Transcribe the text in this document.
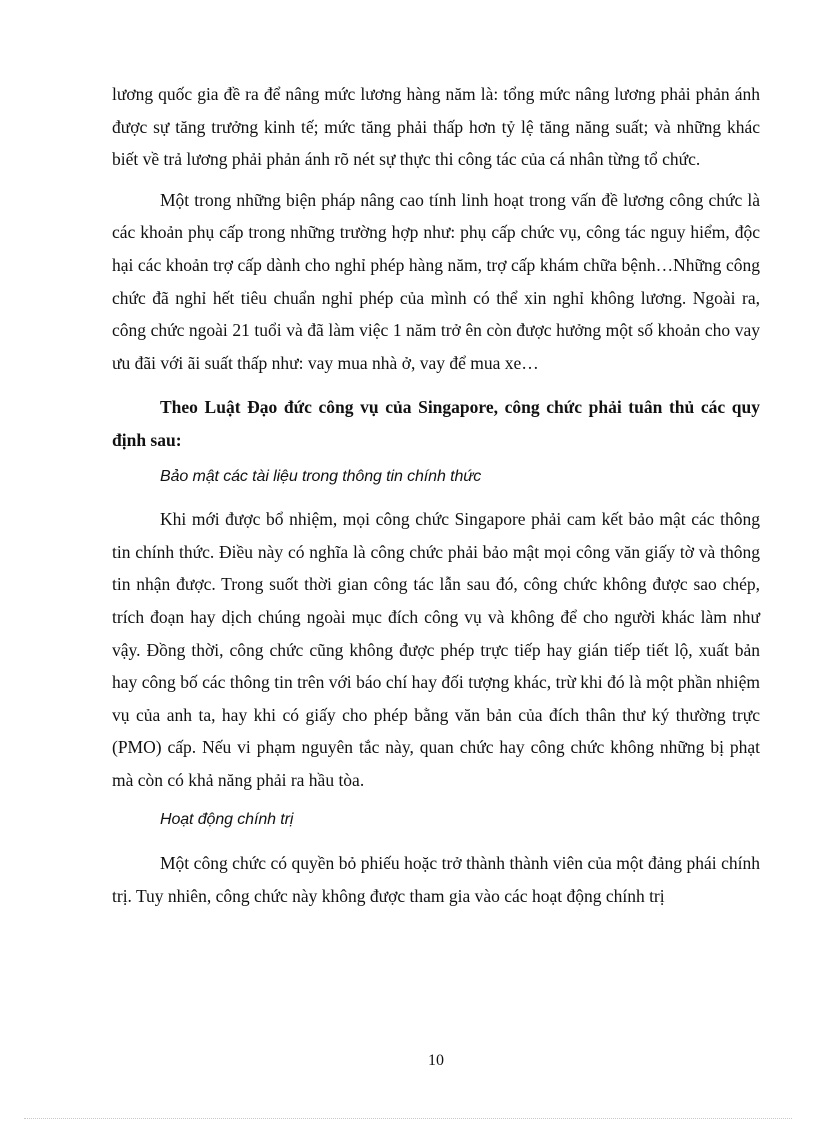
lương quốc gia đề ra để nâng mức lương hàng năm là: tổng mức nâng lương phải phản ánh được sự tăng trưởng kinh tế; mức tăng phải thấp hơn tỷ lệ tăng năng suất; và những khác biết về trả lương phải phản ánh rõ nét sự thực thi công tác của cá nhân từng tổ chức.

Một trong những biện pháp nâng cao tính linh hoạt trong vấn đề lương công chức là các khoản phụ cấp trong những trường hợp như: phụ cấp chức vụ, công tác nguy hiểm, độc hại các khoản trợ cấp dành cho nghỉ phép hàng năm, trợ cấp khám chữa bệnh…Những công chức đã nghỉ hết tiêu chuẩn nghỉ phép của mình có thể xin nghỉ không lương. Ngoài ra, công chức ngoài 21 tuổi và đã làm việc 1 năm trở ên còn được hưởng một số khoản cho vay ưu đãi với ãi suất thấp như: vay mua nhà ở, vay để mua xe…

Theo Luật Đạo đức công vụ của Singapore, công chức phải tuân thủ các quy định sau:

Bảo mật các tài liệu trong thông tin chính thức

Khi mới được bổ nhiệm, mọi công chức Singapore phải cam kết bảo mật các thông tin chính thức. Điều này có nghĩa là công chức phải bảo mật mọi công văn giấy tờ và thông tin nhận được. Trong suốt thời gian công tác lẫn sau đó, công chức không được sao chép, trích đoạn hay dịch chúng ngoài mục đích công vụ và không để cho người khác làm như vậy. Đồng thời, công chức cũng không được phép trực tiếp hay gián tiếp tiết lộ, xuất bản hay công bố các thông tin trên với báo chí hay đối tượng khác, trừ khi đó là một phần nhiệm vụ của anh ta, hay khi có giấy cho phép bằng văn bản của đích thân thư ký thường trực (PMO) cấp. Nếu vi phạm nguyên tắc này, quan chức hay công chức không những bị phạt mà còn có khả năng phải ra hầu tòa.

Hoạt động chính trị

Một công chức có quyền bỏ phiếu hoặc trở thành thành viên của một đảng phái chính trị. Tuy nhiên, công chức này không được tham gia vào các hoạt động chính trị

10
